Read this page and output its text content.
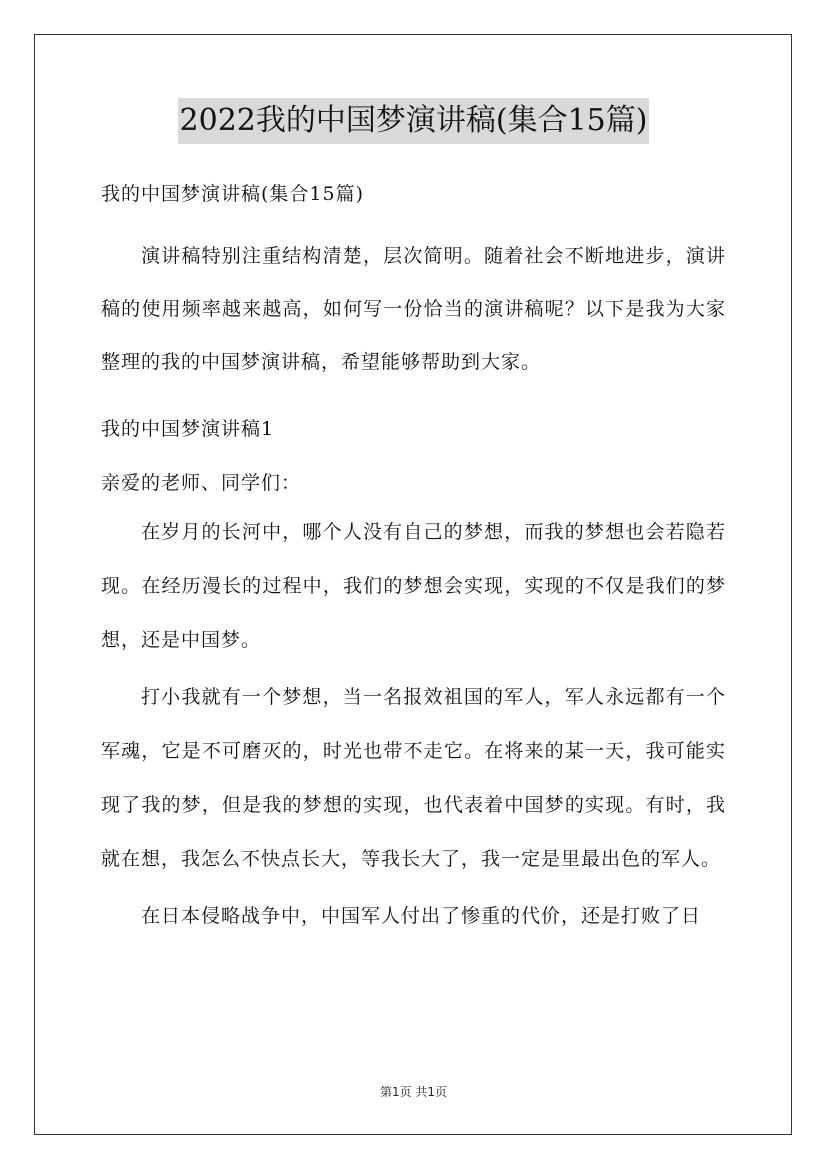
2022我的中国梦演讲稿(集合15篇)

我的中国梦演讲稿(集合15篇)

演讲稿特别注重结构清楚，层次简明。随着社会不断地进步，演讲稿的使用频率越来越高，如何写一份恰当的演讲稿呢？以下是我为大家整理的我的中国梦演讲稿，希望能够帮助到大家。

我的中国梦演讲稿1

亲爱的老师、同学们：

在岁月的长河中，哪个人没有自己的梦想，而我的梦想也会若隐若现。在经历漫长的过程中，我们的梦想会实现，实现的不仅是我们的梦想，还是中国梦。

打小我就有一个梦想，当一名报效祖国的军人，军人永远都有一个军魂，它是不可磨灭的，时光也带不走它。在将来的某一天，我可能实现了我的梦，但是我的梦想的实现，也代表着中国梦的实现。有时，我就在想，我怎么不快点长大，等我长大了，我一定是里最出色的军人。

在日本侵略战争中，中国军人付出了惨重的代价，还是打败了日

第1页 共1页
